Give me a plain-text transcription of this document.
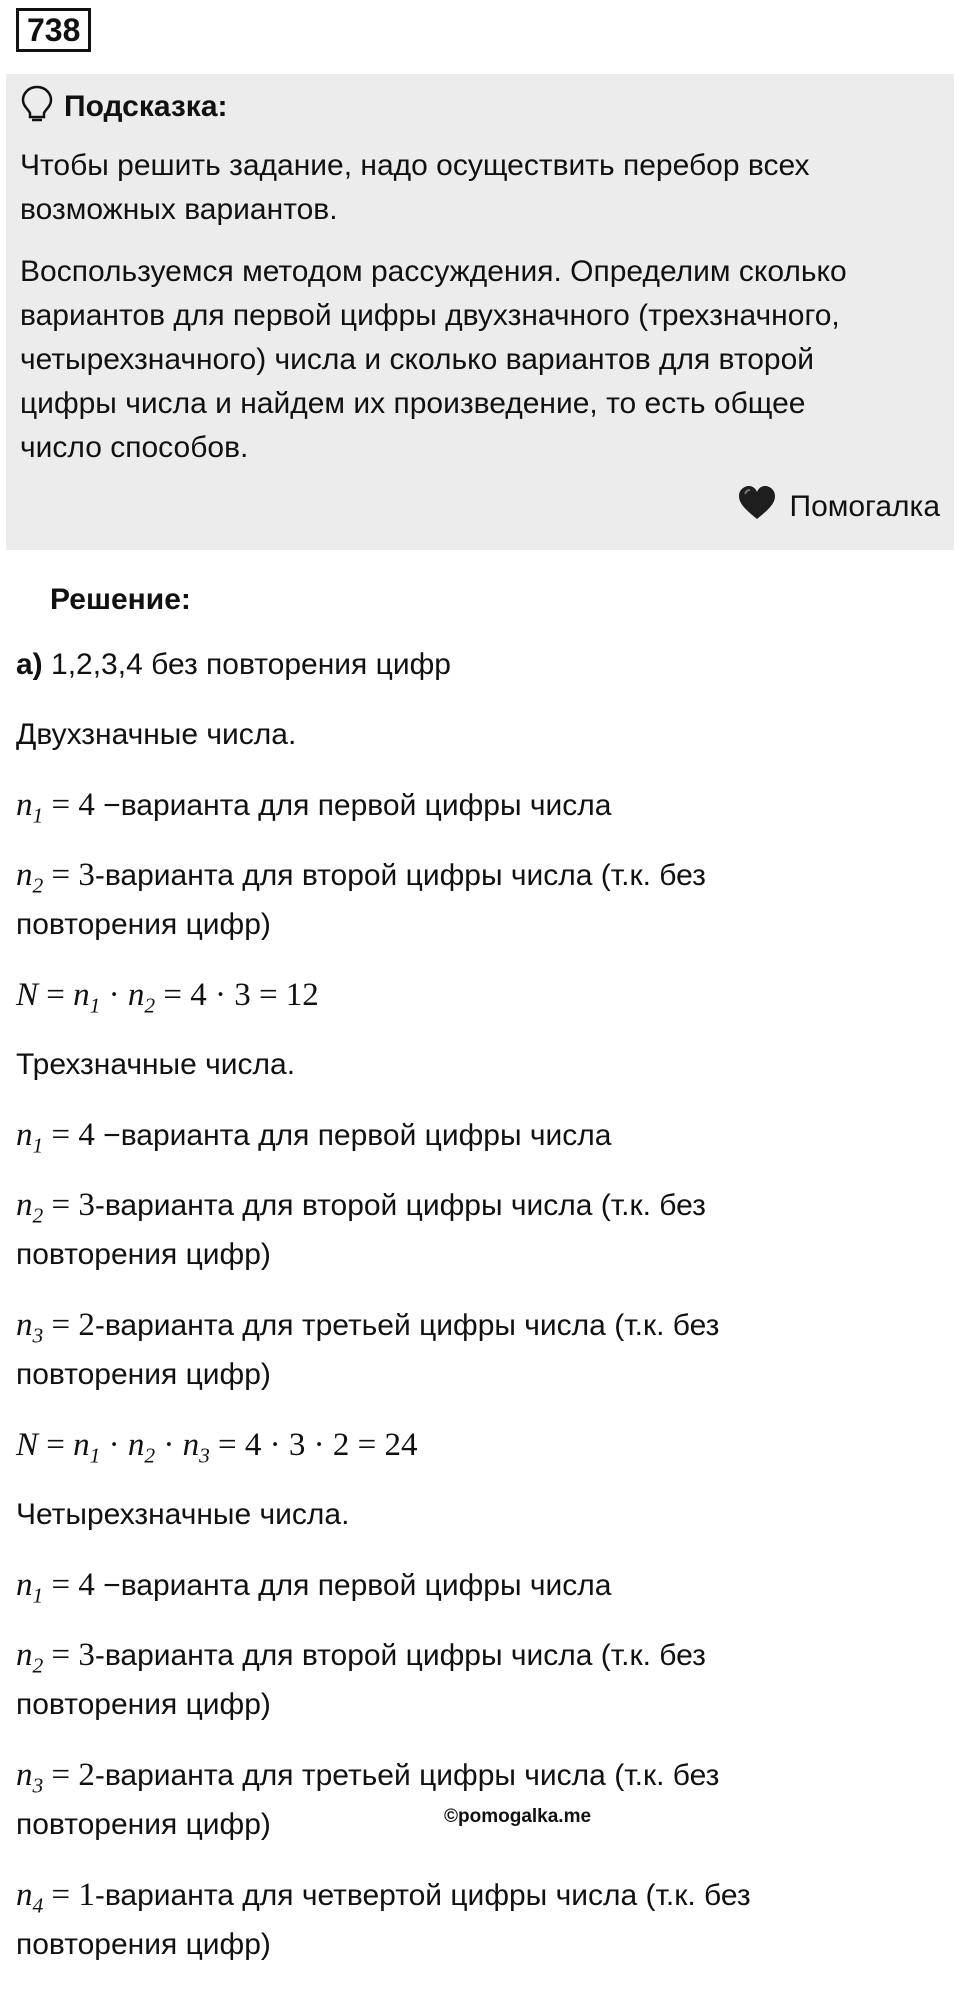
738
Подсказка:

Чтобы решить задание, надо осуществить перебор всех
возможных вариантов.

Воспользуемся методом рассуждения. Определим сколько
вариантов для первой цифры двухзначного (трехзначного,
четырехзначного) числа и сколько вариантов для второй
цифры числа и найдем их произведение, то есть общее
число способов.

Помогалка
Решение:
а) 1,2,3,4 без повторения цифр
Двухзначные числа.
$n_1 = 4$ −варианта для первой цифры числа
$n_2$ = 3-варианта для второй цифры числа (т.к. без
повторения цифр)
$N = n_1 \cdot n_2 = 4 \cdot 3 = 12$
Трехзначные числа.
$n_1 = 4$ −варианта для первой цифры числа
$n_2$ = 3-варианта для второй цифры числа (т.к. без
повторения цифр)
$n_3$ = 2-варианта для третьей цифры числа (т.к. без
повторения цифр)
$N = n_1 \cdot n_2 \cdot n_3 = 4 \cdot 3 \cdot 2 = 24$
Четырехзначные числа.
$n_1 = 4$ −варианта для первой цифры числа
$n_2$ = 3-варианта для второй цифры числа (т.к. без
повторения цифр)
$n_3$ = 2-варианта для третьей цифры числа (т.к. без
повторения цифр)	©pomogalka.me
$n_4$ = 1-варианта для четвертой цифры числа (т.к. без
повторения цифр)
